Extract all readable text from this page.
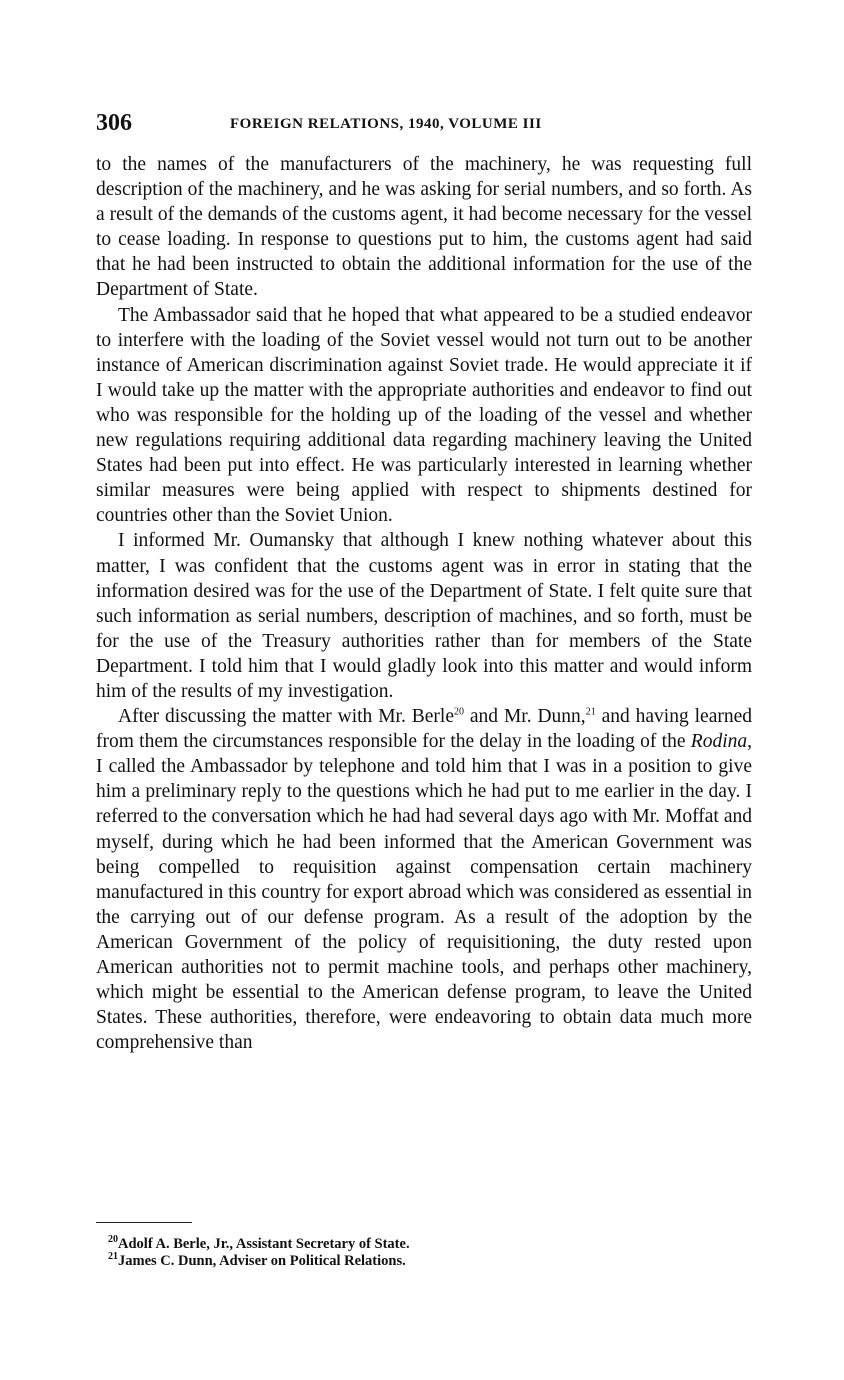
306	FOREIGN RELATIONS, 1940, VOLUME III

to the names of the manufacturers of the machinery, he was requesting full description of the machinery, and he was asking for serial numbers, and so forth. As a result of the demands of the customs agent, it had become necessary for the vessel to cease loading. In response to questions put to him, the customs agent had said that he had been instructed to obtain the additional information for the use of the Department of State.

The Ambassador said that he hoped that what appeared to be a studied endeavor to interfere with the loading of the Soviet vessel would not turn out to be another instance of American discrimination against Soviet trade. He would appreciate it if I would take up the matter with the appropriate authorities and endeavor to find out who was responsible for the holding up of the loading of the vessel and whether new regulations requiring additional data regarding machinery leaving the United States had been put into effect. He was particularly interested in learning whether similar measures were being applied with respect to shipments destined for countries other than the Soviet Union.

I informed Mr. Oumansky that although I knew nothing whatever about this matter, I was confident that the customs agent was in error in stating that the information desired was for the use of the Department of State. I felt quite sure that such information as serial numbers, description of machines, and so forth, must be for the use of the Treasury authorities rather than for members of the State Department. I told him that I would gladly look into this matter and would inform him of the results of my investigation.

After discussing the matter with Mr. Berle$^{20}$ and Mr. Dunn,$^{21}$ and having learned from them the circumstances responsible for the delay in the loading of the Rodina, I called the Ambassador by telephone and told him that I was in a position to give him a preliminary reply to the questions which he had put to me earlier in the day. I referred to the conversation which he had had several days ago with Mr. Moffat and myself, during which he had been informed that the American Government was being compelled to requisition against compensation certain machinery manufactured in this country for export abroad which was considered as essential in the carrying out of our defense program. As a result of the adoption by the American Government of the policy of requisitioning, the duty rested upon American authorities not to permit machine tools, and perhaps other machinery, which might be essential to the American defense program, to leave the United States. These authorities, therefore, were endeavoring to obtain data much more comprehensive than

$^{20}$Adolf A. Berle, Jr., Assistant Secretary of State.

$^{21}$James C. Dunn, Adviser on Political Relations.
